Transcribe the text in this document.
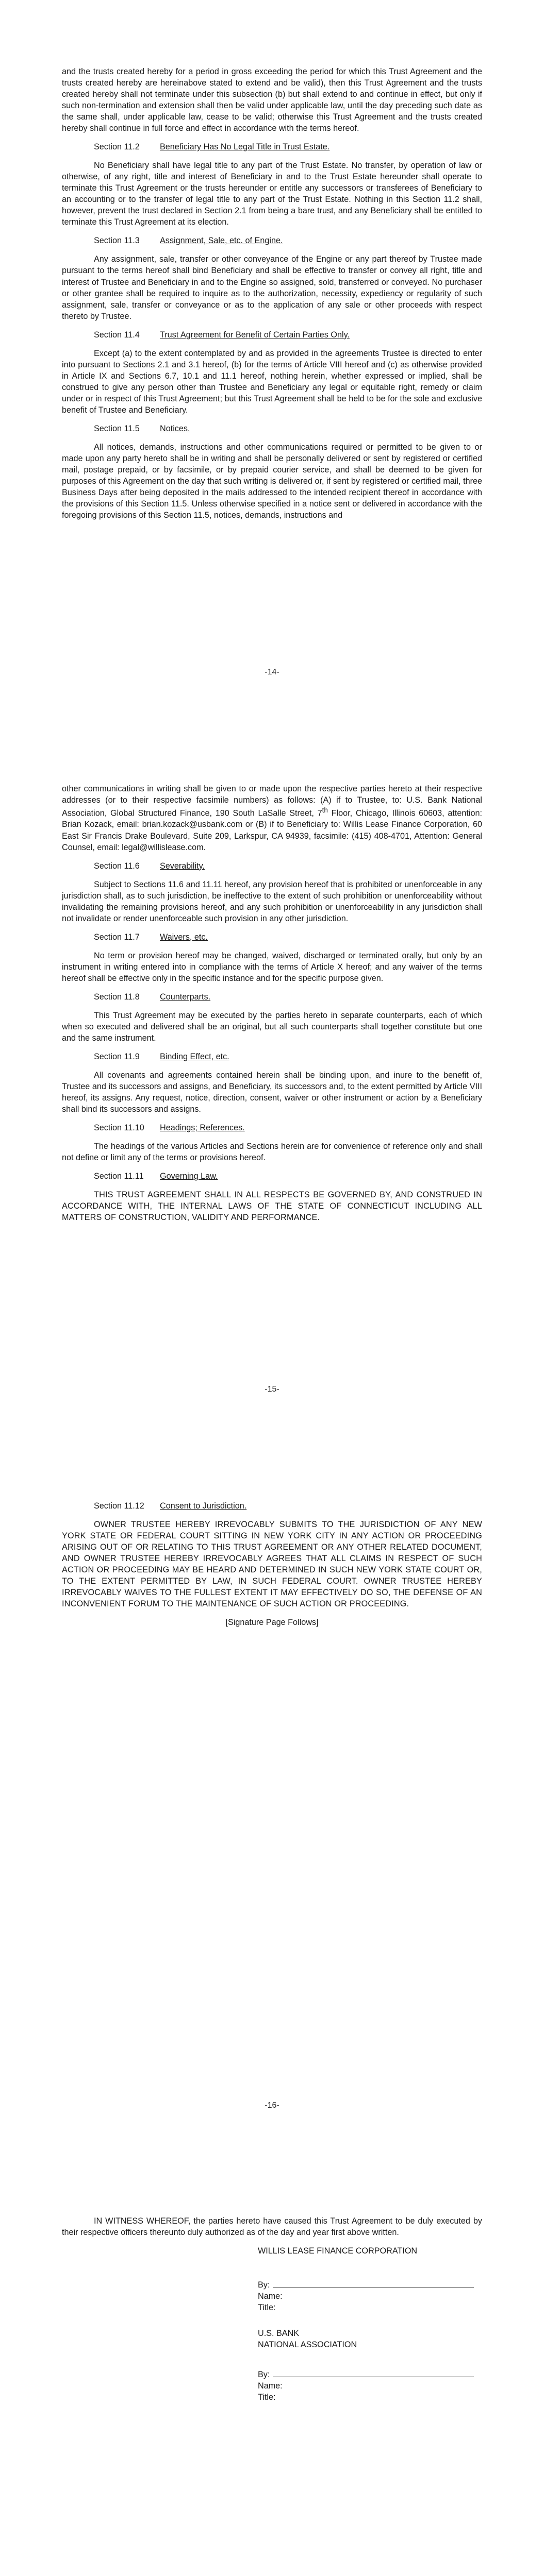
and the trusts created hereby for a period in gross exceeding the period for which this Trust Agreement and the trusts created hereby are hereinabove stated to extend and be valid), then this Trust Agreement and the trusts created hereby shall not terminate under this subsection (b) but shall extend to and continue in effect, but only if such non-termination and extension shall then be valid under applicable law, until the day preceding such date as the same shall, under applicable law, cease to be valid; otherwise this Trust Agreement and the trusts created hereby shall continue in full force and effect in accordance with the terms hereof.

Section 11.2 Beneficiary Has No Legal Title in Trust Estate.

No Beneficiary shall have legal title to any part of the Trust Estate. No transfer, by operation of law or otherwise, of any right, title and interest of Beneficiary in and to the Trust Estate hereunder shall operate to terminate this Trust Agreement or the trusts hereunder or entitle any successors or transferees of Beneficiary to an accounting or to the transfer of legal title to any part of the Trust Estate. Nothing in this Section 11.2 shall, however, prevent the trust declared in Section 2.1 from being a bare trust, and any Beneficiary shall be entitled to terminate this Trust Agreement at its election.

Section 11.3 Assignment, Sale, etc. of Engine.

Any assignment, sale, transfer or other conveyance of the Engine or any part thereof by Trustee made pursuant to the terms hereof shall bind Beneficiary and shall be effective to transfer or convey all right, title and interest of Trustee and Beneficiary in and to the Engine so assigned, sold, transferred or conveyed. No purchaser or other grantee shall be required to inquire as to the authorization, necessity, expediency or regularity of such assignment, sale, transfer or conveyance or as to the application of any sale or other proceeds with respect thereto by Trustee.

Section 11.4 Trust Agreement for Benefit of Certain Parties Only.

Except (a) to the extent contemplated by and as provided in the agreements Trustee is directed to enter into pursuant to Sections 2.1 and 3.1 hereof, (b) for the terms of Article VIII hereof and (c) as otherwise provided in Article IX and Sections 6.7, 10.1 and 11.1 hereof, nothing herein, whether expressed or implied, shall be construed to give any person other than Trustee and Beneficiary any legal or equitable right, remedy or claim under or in respect of this Trust Agreement; but this Trust Agreement shall be held to be for the sole and exclusive benefit of Trustee and Beneficiary.

Section 11.5 Notices.

All notices, demands, instructions and other communications required or permitted to be given to or made upon any party hereto shall be in writing and shall be personally delivered or sent by registered or certified mail, postage prepaid, or by facsimile, or by prepaid courier service, and shall be deemed to be given for purposes of this Agreement on the day that such writing is delivered or, if sent by registered or certified mail, three Business Days after being deposited in the mails addressed to the intended recipient thereof in accordance with the provisions of this Section 11.5. Unless otherwise specified in a notice sent or delivered in accordance with the foregoing provisions of this Section 11.5, notices, demands, instructions and

-14-

other communications in writing shall be given to or made upon the respective parties hereto at their respective addresses (or to their respective facsimile numbers) as follows: (A) if to Trustee, to: U.S. Bank National Association, Global Structured Finance, 190 South LaSalle Street, 7th Floor, Chicago, Illinois 60603, attention: Brian Kozack, email: brian.kozack@usbank.com or (B) if to Beneficiary to: Willis Lease Finance Corporation, 60 East Sir Francis Drake Boulevard, Suite 209, Larkspur, CA 94939, facsimile: (415) 408-4701, Attention: General Counsel, email: legal@willislease.com.

Section 11.6 Severability.

Subject to Sections 11.6 and 11.11 hereof, any provision hereof that is prohibited or unenforceable in any jurisdiction shall, as to such jurisdiction, be ineffective to the extent of such prohibition or unenforceability without invalidating the remaining provisions hereof, and any such prohibition or unenforceability in any jurisdiction shall not invalidate or render unenforceable such provision in any other jurisdiction.

Section 11.7 Waivers, etc.

No term or provision hereof may be changed, waived, discharged or terminated orally, but only by an instrument in writing entered into in compliance with the terms of Article X hereof; and any waiver of the terms hereof shall be effective only in the specific instance and for the specific purpose given.

Section 11.8 Counterparts.

This Trust Agreement may be executed by the parties hereto in separate counterparts, each of which when so executed and delivered shall be an original, but all such counterparts shall together constitute but one and the same instrument.

Section 11.9 Binding Effect, etc.

All covenants and agreements contained herein shall be binding upon, and inure to the benefit of, Trustee and its successors and assigns, and Beneficiary, its successors and, to the extent permitted by Article VIII hereof, its assigns. Any request, notice, direction, consent, waiver or other instrument or action by a Beneficiary shall bind its successors and assigns.

Section 11.10 Headings; References.

The headings of the various Articles and Sections herein are for convenience of reference only and shall not define or limit any of the terms or provisions hereof.

Section 11.11 Governing Law.

THIS TRUST AGREEMENT SHALL IN ALL RESPECTS BE GOVERNED BY, AND CONSTRUED IN ACCORDANCE WITH, THE INTERNAL LAWS OF THE STATE OF CONNECTICUT INCLUDING ALL MATTERS OF CONSTRUCTION, VALIDITY AND PERFORMANCE.

-15-
Section 11.12 Consent to Jurisdiction.

OWNER TRUSTEE HEREBY IRREVOCABLY SUBMITS TO THE JURISDICTION OF ANY NEW YORK STATE OR FEDERAL COURT SITTING IN NEW YORK CITY IN ANY ACTION OR PROCEEDING ARISING OUT OF OR RELATING TO THIS TRUST AGREEMENT OR ANY OTHER RELATED DOCUMENT, AND OWNER TRUSTEE HEREBY IRREVOCABLY AGREES THAT ALL CLAIMS IN RESPECT OF SUCH ACTION OR PROCEEDING MAY BE HEARD AND DETERMINED IN SUCH NEW YORK STATE COURT OR, TO THE EXTENT PERMITTED BY LAW, IN SUCH FEDERAL COURT. OWNER TRUSTEE HEREBY IRREVOCABLY WAIVES TO THE FULLEST EXTENT IT MAY EFFECTIVELY DO SO, THE DEFENSE OF AN INCONVENIENT FORUM TO THE MAINTENANCE OF SUCH ACTION OR PROCEEDING.

[Signature Page Follows]
-16-

IN WITNESS WHEREOF, the parties hereto have caused this Trust Agreement to be duly executed by their respective officers thereunto duly authorized as of the day and year first above written.

WILLIS LEASE FINANCE CORPORATION
By:
Name:
Title:
U.S. BANK
NATIONAL ASSOCIATION
By:
Name:
Title:
